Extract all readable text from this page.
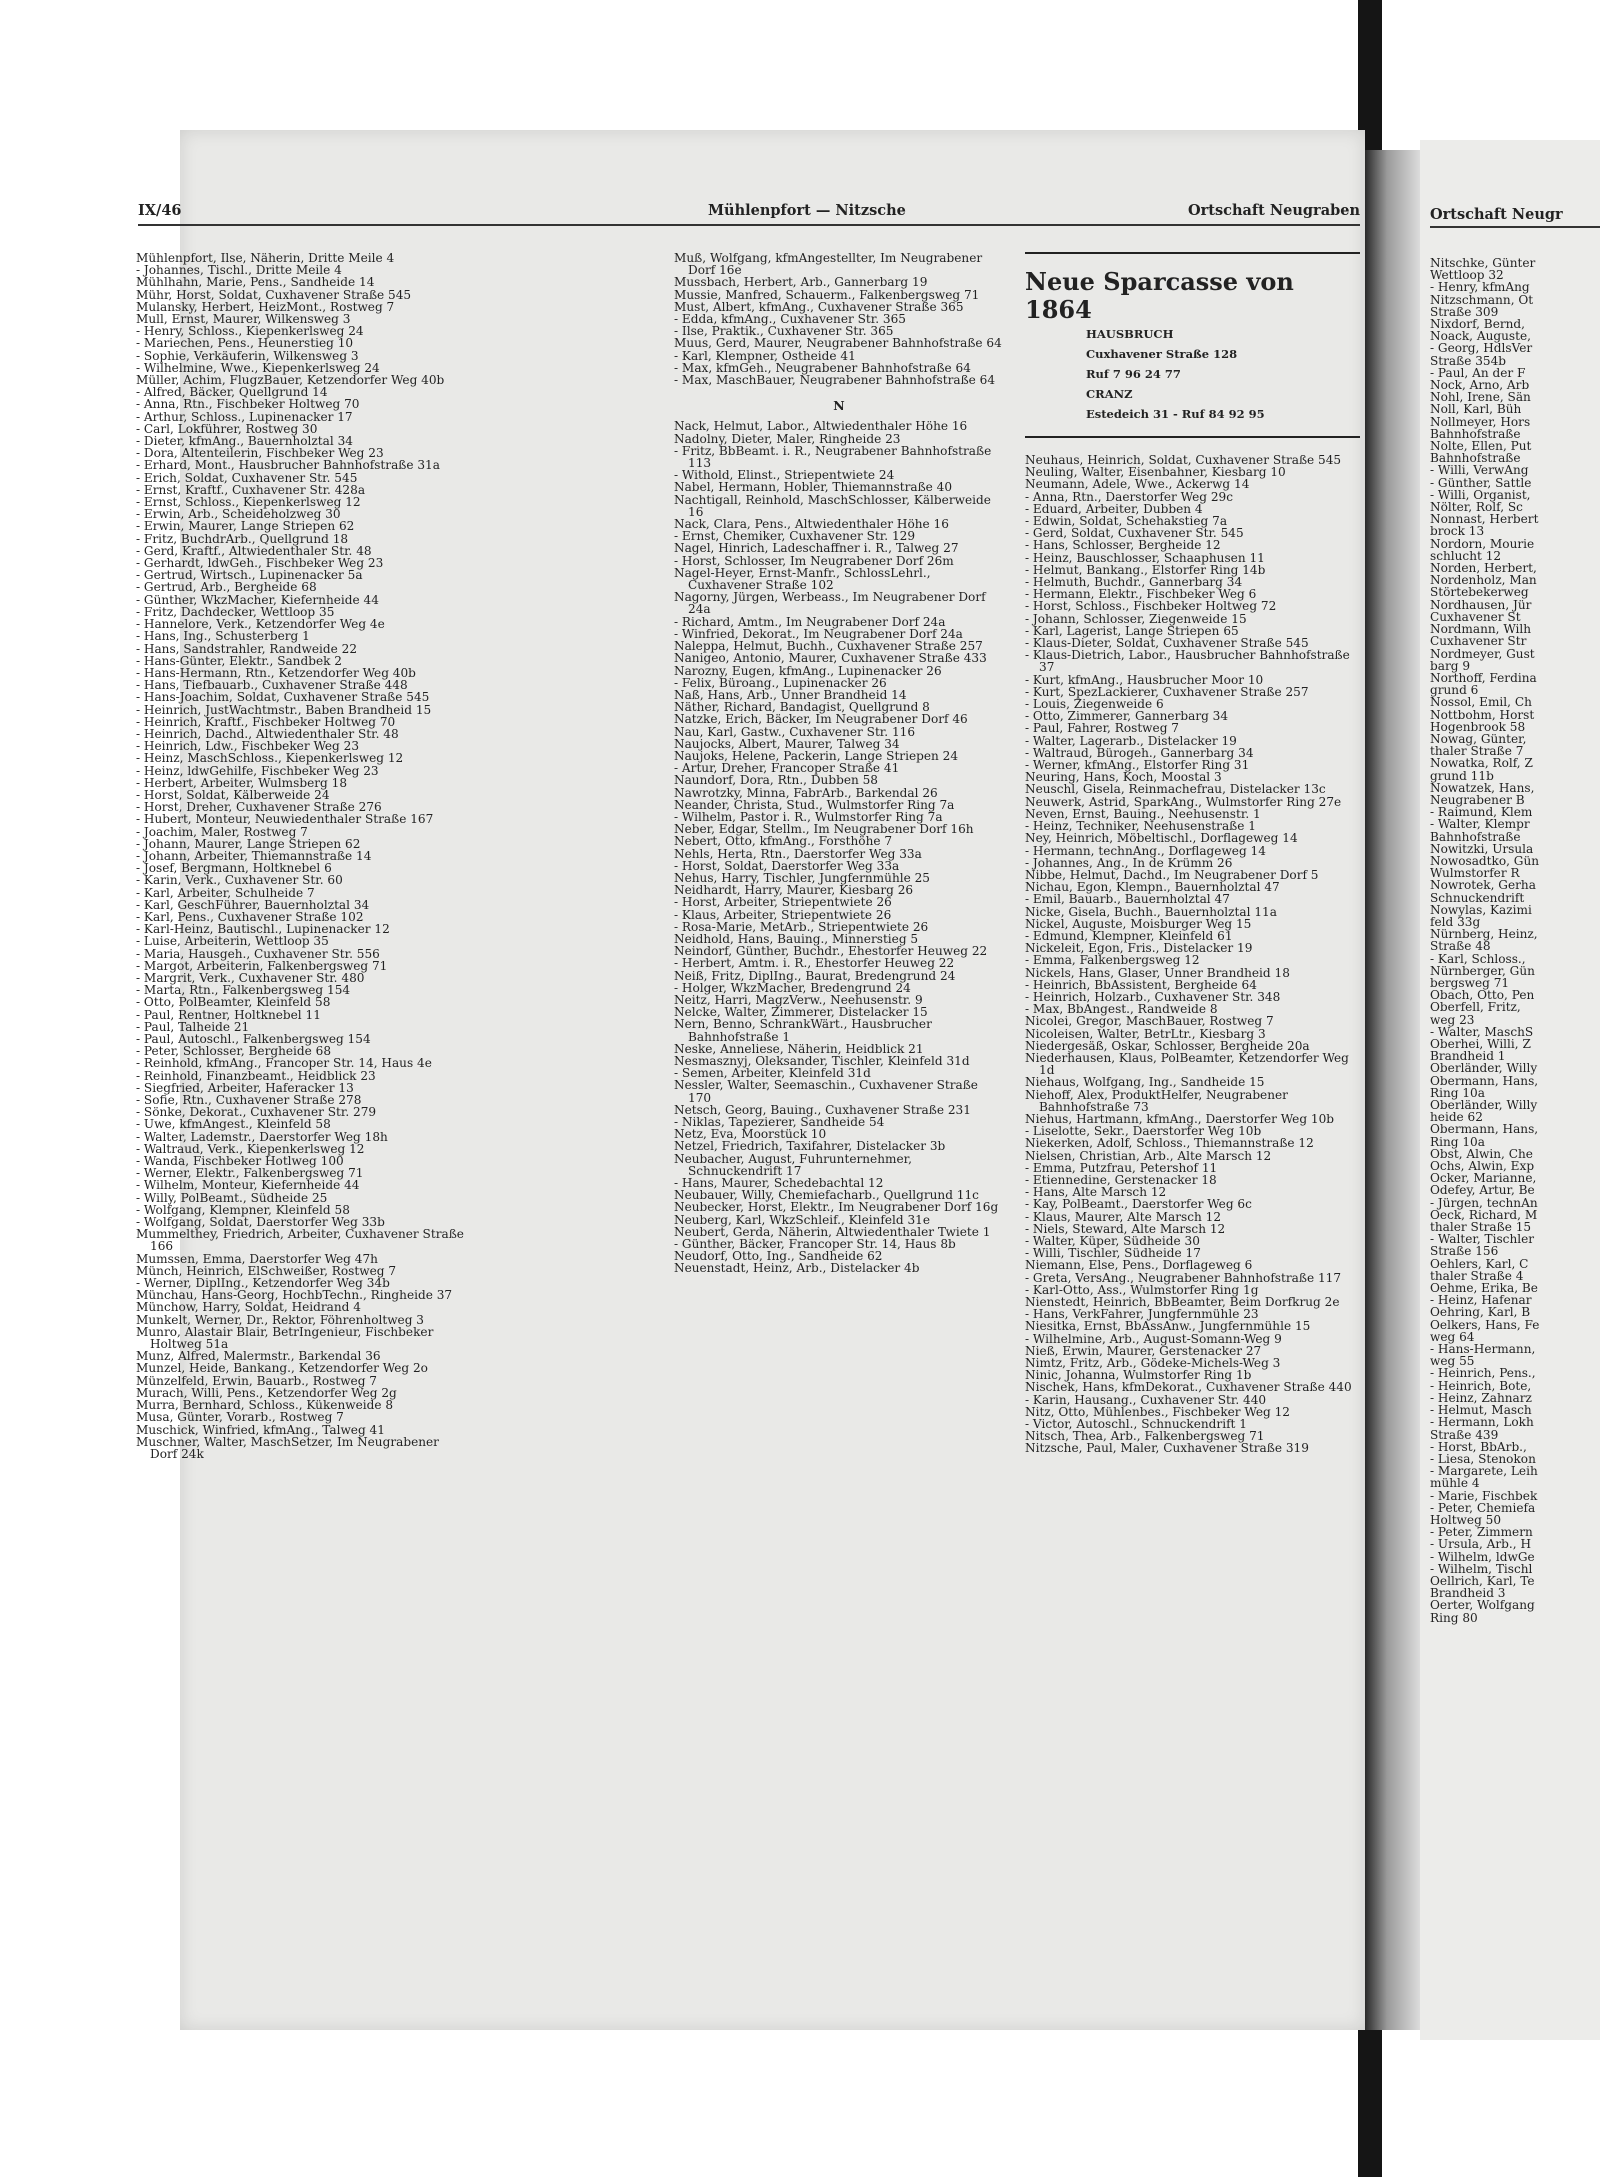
Ortschaft Neugr
Nitschke, Günter
Wettloop 32
- Henry, kfmAng
Nitzschmann, Ot
Straße 309
Nixdorf, Bernd,
Noack, Auguste,
- Georg, HdlsVer
Straße 354b
- Paul, An der F
Nock, Arno, Arb
Nohl, Irene, Sän
Noll, Karl, Büh
Nollmeyer, Hors
Bahnhofstraße
Nolte, Ellen, Put
Bahnhofstraße
- Willi, VerwAng
- Günther, Sattle
- Willi, Organist,
Nölter, Rolf, Sc
Nonnast, Herbert
brock 13
Nordorn, Mourie
schlucht 12
Norden, Herbert,
Nordenholz, Man
Störtebekerweg
Nordhausen, Jür
Cuxhavener St
Nordmann, Wilh
Cuxhavener Str
Nordmeyer, Gust
barg 9
Northoff, Ferdina
grund 6
Nossol, Emil, Ch
Nottbohm, Horst
Hogenbrook 58
Nowag, Günter,
thaler Straße 7
Nowatka, Rolf, Z
grund 11b
Nowatzek, Hans,
Neugrabener B
- Raimund, Klem
- Walter, Klempr
Bahnhofstraße
Nowitzki, Ursula
Nowosadtko, Gün
Wulmstorfer R
Nowrotek, Gerha
Schnuckendrift
Nowylas, Kazimi
feld 33g
Nürnberg, Heinz,
Straße 48
- Karl, Schloss.,
Nürnberger, Gün
bergsweg 71
Obach, Otto, Pen
Oberfell, Fritz,
weg 23
- Walter, MaschS
Oberhei, Willi, Z
Brandheid 1
Oberländer, Willy
Obermann, Hans,
Ring 10a
Oberländer, Willy
heide 62
Obermann, Hans,
Ring 10a
Obst, Alwin, Che
Ochs, Alwin, Exp
Ocker, Marianne,
Odefey, Artur, Be
- Jürgen, technAn
Oeck, Richard, M
thaler Straße 15
- Walter, Tischler
Straße 156
Oehlers, Karl, C
thaler Straße 4
Oehme, Erika, Be
- Heinz, Hafenar
Oehring, Karl, B
Oelkers, Hans, Fe
weg 64
- Hans-Hermann,
weg 55
- Heinrich, Pens.,
- Heinrich, Bote,
- Heinz, Zahnarz
- Helmut, Masch
- Hermann, Lokh
Straße 439
- Horst, BbArb.,
- Liesa, Stenokon
- Margarete, Leih
mühle 4
- Marie, Fischbek
- Peter, Chemiefa
Holtweg 50
- Peter, Zimmern
- Ursula, Arb., H
- Wilhelm, ldwGe
- Wilhelm, Tischl
Oellrich, Karl, Te
Brandheid 3
Oerter, Wolfgang
Ring 80
IX/46	Mühlenpfort — Nitzsche	Ortschaft Neugraben
Mühlenpfort, Ilse, Näherin, Dritte Meile 4
- Johannes, Tischl., Dritte Meile 4
Mühlhahn, Marie, Pens., Sandheide 14
Mühr, Horst, Soldat, Cuxhavener Straße 545
Mulansky, Herbert, HeizMont., Rostweg 7
Mull, Ernst, Maurer, Wilkensweg 3
- Henry, Schloss., Kiepenkerlsweg 24
- Mariechen, Pens., Heunerstieg 10
- Sophie, Verkäuferin, Wilkensweg 3
- Wilhelmine, Wwe., Kiepenkerlsweg 24
Müller, Achim, FlugzBauer, Ketzendorfer Weg 40b
- Alfred, Bäcker, Quellgrund 14
- Anna, Rtn., Fischbeker Holtweg 70
- Arthur, Schloss., Lupinenacker 17
- Carl, Lokführer, Rostweg 30
- Dieter, kfmAng., Bauernholztal 34
- Dora, Altenteilerin, Fischbeker Weg 23
- Erhard, Mont., Hausbrucher Bahnhofstraße 31a
- Erich, Soldat, Cuxhavener Str. 545
- Ernst, Kraftf., Cuxhavener Str. 428a
- Ernst, Schloss., Kiepenkerlsweg 12
- Erwin, Arb., Scheideholzweg 30
- Erwin, Maurer, Lange Striepen 62
- Fritz, BuchdrArb., Quellgrund 18
- Gerd, Kraftf., Altwiedenthaler Str. 48
- Gerhardt, ldwGeh., Fischbeker Weg 23
- Gertrud, Wirtsch., Lupinenacker 5a
- Gertrud, Arb., Bergheide 68
- Günther, WkzMacher, Kiefernheide 44
- Fritz, Dachdecker, Wettloop 35
- Hannelore, Verk., Ketzendorfer Weg 4e
- Hans, Ing., Schusterberg 1
- Hans, Sandstrahler, Randweide 22
- Hans-Günter, Elektr., Sandbek 2
- Hans-Hermann, Rtn., Ketzendorfer Weg 40b
- Hans, Tiefbauarb., Cuxhavener Straße 448
- Hans-Joachim, Soldat, Cuxhavener Straße 545
- Heinrich, JustWachtmstr., Baben Brandheid 15
- Heinrich, Kraftf., Fischbeker Holtweg 70
- Heinrich, Dachd., Altwiedenthaler Str. 48
- Heinrich, Ldw., Fischbeker Weg 23
- Heinz, MaschSchloss., Kiepenkerlsweg 12
- Heinz, ldwGehilfe, Fischbeker Weg 23
- Herbert, Arbeiter, Wulmsberg 18
- Horst, Soldat, Kälberweide 24
- Horst, Dreher, Cuxhavener Straße 276
- Hubert, Monteur, Neuwiedenthaler Straße 167
- Joachim, Maler, Rostweg 7
- Johann, Maurer, Lange Striepen 62
- Johann, Arbeiter, Thiemannstraße 14
- Josef, Bergmann, Holtknebel 6
- Karin, Verk., Cuxhavener Str. 60
- Karl, Arbeiter, Schulheide 7
- Karl, GeschFührer, Bauernholztal 34
- Karl, Pens., Cuxhavener Straße 102
- Karl-Heinz, Bautischl., Lupinenacker 12
- Luise, Arbeiterin, Wettloop 35
- Maria, Hausgeh., Cuxhavener Str. 556
- Margot, Arbeiterin, Falkenbergsweg 71
- Margrit, Verk., Cuxhavener Str. 480
- Marta, Rtn., Falkenbergsweg 154
- Otto, PolBeamter, Kleinfeld 58
- Paul, Rentner, Holtknebel 11
- Paul, Talheide 21
- Paul, Autoschl., Falkenbergsweg 154
- Peter, Schlosser, Bergheide 68
- Reinhold, kfmAng., Francoper Str. 14, Haus 4e
- Reinhold, Finanzbeamt., Heidblick 23
- Siegfried, Arbeiter, Haferacker 13
- Sofie, Rtn., Cuxhavener Straße 278
- Sönke, Dekorat., Cuxhavener Str. 279
- Uwe, kfmAngest., Kleinfeld 58
- Walter, Lademstr., Daerstorfer Weg 18h
- Waltraud, Verk., Kiepenkerlsweg 12
- Wanda, Fischbeker Hotlweg 100
- Werner, Elektr., Falkenbergsweg 71
- Wilhelm, Monteur, Kiefernheide 44
- Willy, PolBeamt., Südheide 25
- Wolfgang, Klempner, Kleinfeld 58
- Wolfgang, Soldat, Daerstorfer Weg 33b
Mummelthey, Friedrich, Arbeiter, Cuxhavener Straße 166
Mumssen, Emma, Daerstorfer Weg 47h
Münch, Heinrich, ElSchweißer, Rostweg 7
- Werner, DiplIng., Ketzendorfer Weg 34b
Münchau, Hans-Georg, HochbTechn., Ringheide 37
Münchow, Harry, Soldat, Heidrand 4
Munkelt, Werner, Dr., Rektor, Föhrenholtweg 3
Munro, Alastair Blair, BetrIngenieur, Fischbeker Holtweg 51a
Munz, Alfred, Malermstr., Barkendal 36
Munzel, Heide, Bankang., Ketzendorfer Weg 2o
Münzelfeld, Erwin, Bauarb., Rostweg 7
Murach, Willi, Pens., Ketzendorfer Weg 2g
Murra, Bernhard, Schloss., Kükenweide 8
Musa, Günter, Vorarb., Rostweg 7
Muschick, Winfried, kfmAng., Talweg 41
Muschner, Walter, MaschSetzer, Im Neugrabener Dorf 24k
Muß, Wolfgang, kfmAngestellter, Im Neugrabener Dorf 16e
Mussbach, Herbert, Arb., Gannerbarg 19
Mussie, Manfred, Schauerm., Falkenbergsweg 71
Must, Albert, kfmAng., Cuxhavener Straße 365
- Edda, kfmAng., Cuxhavener Str. 365
- Ilse, Praktik., Cuxhavener Str. 365
Muus, Gerd, Maurer, Neugrabener Bahnhofstraße 64
- Karl, Klempner, Ostheide 41
- Max, kfmGeh., Neugrabener Bahnhofstraße 64
- Max, MaschBauer, Neugrabener Bahnhofstraße 64
N
Nack, Helmut, Labor., Altwiedenthaler Höhe 16
Nadolny, Dieter, Maler, Ringheide 23
- Fritz, BbBeamt. i. R., Neugrabener Bahnhofstraße 113
- Withold, Elinst., Striepentwiete 24
Nabel, Hermann, Hobler, Thiemannstraße 40
Nachtigall, Reinhold, MaschSchlosser, Kälberweide 16
Nack, Clara, Pens., Altwiedenthaler Höhe 16
- Ernst, Chemiker, Cuxhavener Str. 129
Nagel, Hinrich, Ladeschaffner i. R., Talweg 27
- Horst, Schlosser, Im Neugrabener Dorf 26m
Nagel-Heyer, Ernst-Manfr., SchlossLehrl., Cuxhavener Straße 102
Nagorny, Jürgen, Werbeass., Im Neugrabener Dorf 24a
- Richard, Amtm., Im Neugrabener Dorf 24a
- Winfried, Dekorat., Im Neugrabener Dorf 24a
Naleppa, Helmut, Buchh., Cuxhavener Straße 257
Nanigeo, Antonio, Maurer, Cuxhavener Straße 433
Narozny, Eugen, kfmAng., Lupinenacker 26
- Felix, Büroang., Lupinenacker 26
Naß, Hans, Arb., Unner Brandheid 14
Näther, Richard, Bandagist, Quellgrund 8
Natzke, Erich, Bäcker, Im Neugrabener Dorf 46
Nau, Karl, Gastw., Cuxhavener Str. 116
Naujocks, Albert, Maurer, Talweg 34
Naujoks, Helene, Packerin, Lange Striepen 24
- Artur, Dreher, Francoper Straße 41
Naundorf, Dora, Rtn., Dubben 58
Nawrotzky, Minna, FabrArb., Barkendal 26
Neander, Christa, Stud., Wulmstorfer Ring 7a
- Wilhelm, Pastor i. R., Wulmstorfer Ring 7a
Neber, Edgar, Stellm., Im Neugrabener Dorf 16h
Nebert, Otto, kfmAng., Forsthöhe 7
Nehls, Herta, Rtn., Daerstorfer Weg 33a
- Horst, Soldat, Daerstorfer Weg 33a
Nehus, Harry, Tischler, Jungfernmühle 25
Neidhardt, Harry, Maurer, Kiesbarg 26
- Horst, Arbeiter, Striepentwiete 26
- Klaus, Arbeiter, Striepentwiete 26
- Rosa-Marie, MetArb., Striepentwiete 26
Neidhold, Hans, Bauing., Minnerstieg 5
Neindorf, Günther, Buchdr., Ehestorfer Heuweg 22
- Herbert, Amtm. i. R., Ehestorfer Heuweg 22
Neiß, Fritz, DiplIng., Baurat, Bredengrund 24
- Holger, WkzMacher, Bredengrund 24
Neitz, Harri, MagzVerw., Neehusenstr. 9
Nelcke, Walter, Zimmerer, Distelacker 15
Nern, Benno, SchrankWärt., Hausbrucher Bahnhofstraße 1
Neske, Anneliese, Näherin, Heidblick 21
Nesmasznyj, Oleksander, Tischler, Kleinfeld 31d
- Semen, Arbeiter, Kleinfeld 31d
Nessler, Walter, Seemaschin., Cuxhavener Straße 170
Netsch, Georg, Bauing., Cuxhavener Straße 231
- Niklas, Tapezierer, Sandheide 54
Netz, Eva, Moorstück 10
Netzel, Friedrich, Taxifahrer, Distelacker 3b
Neubacher, August, Fuhrunternehmer, Schnuckendrift 17
- Hans, Maurer, Schedebachtal 12
Neubauer, Willy, Chemiefacharb., Quellgrund 11c
Neubecker, Horst, Elektr., Im Neugrabener Dorf 16g
Neuberg, Karl, WkzSchleif., Kleinfeld 31e
Neubert, Gerda, Näherin, Altwiedenthaler Twiete 1
- Günther, Bäcker, Francoper Str. 14, Haus 8b
Neudorf, Otto, Ing., Sandheide 62
Neuenstadt, Heinz, Arb., Distelacker 4b
Neue Sparcasse von 1864
HAUSBRUCH
Cuxhavener Straße 128
Ruf 7 96 24 77
CRANZ
Estedeich 31 - Ruf 84 92 95
Neuhaus, Heinrich, Soldat, Cuxhavener Straße 545
Neuling, Walter, Eisenbahner, Kiesbarg 10
Neumann, Adele, Wwe., Ackerwg 14
- Anna, Rtn., Daerstorfer Weg 29c
- Eduard, Arbeiter, Dubben 4
- Edwin, Soldat, Schehakstieg 7a
- Gerd, Soldat, Cuxhavener Str. 545
- Hans, Schlosser, Bergheide 12
- Heinz, Bauschlosser, Schaaphusen 11
- Helmut, Bankang., Elstorfer Ring 14b
- Helmuth, Buchdr., Gannerbarg 34
- Hermann, Elektr., Fischbeker Weg 6
- Horst, Schloss., Fischbeker Holtweg 72
- Johann, Schlosser, Ziegenweide 15
- Karl, Lagerist, Lange Striepen 65
- Klaus-Dieter, Soldat, Cuxhavener Straße 545
- Klaus-Dietrich, Labor., Hausbrucher Bahnhofstraße 37
- Kurt, kfmAng., Hausbrucher Moor 10
- Kurt, SpezLackierer, Cuxhavener Straße 257
- Louis, Ziegenweide 6
- Otto, Zimmerer, Gannerbarg 34
- Paul, Fahrer, Rostweg 7
- Walter, Lagerarb., Distelacker 19
- Waltraud, Bürogeh., Gannerbarg 34
- Werner, kfmAng., Elstorfer Ring 31
Neuring, Hans, Koch, Moostal 3
Neuschl, Gisela, Reinmachefrau, Distelacker 13c
Neuwerk, Astrid, SparkAng., Wulmstorfer Ring 27e
Neven, Ernst, Bauing., Neehusenstr. 1
- Heinz, Techniker, Neehusenstraße 1
Ney, Heinrich, Möbeltischl., Dorflageweg 14
- Hermann, technAng., Dorflageweg 14
- Johannes, Ang., In de Krümm 26
Nibbe, Helmut, Dachd., Im Neugrabener Dorf 5
Nichau, Egon, Klempn., Bauernholztal 47
- Emil, Bauarb., Bauernholztal 47
Nicke, Gisela, Buchh., Bauernholztal 11a
Nickel, Auguste, Moisburger Weg 15
- Edmund, Klempner, Kleinfeld 61
Nickeleit, Egon, Fris., Distelacker 19
- Emma, Falkenbergsweg 12
Nickels, Hans, Glaser, Unner Brandheid 18
- Heinrich, BbAssistent, Bergheide 64
- Heinrich, Holzarb., Cuxhavener Str. 348
- Max, BbAngest., Randweide 8
Nicolei, Gregor, MaschBauer, Rostweg 7
Nicoleisen, Walter, BetrLtr., Kiesbarg 3
Niedergesäß, Oskar, Schlosser, Bergheide 20a
Niederhausen, Klaus, PolBeamter, Ketzendorfer Weg 1d
Niehaus, Wolfgang, Ing., Sandheide 15
Niehoff, Alex, ProduktHelfer, Neugrabener Bahnhofstraße 73
Niehus, Hartmann, kfmAng., Daerstorfer Weg 10b
- Liselotte, Sekr., Daerstorfer Weg 10b
Niekerken, Adolf, Schloss., Thiemannstraße 12
Nielsen, Christian, Arb., Alte Marsch 12
- Emma, Putzfrau, Petershof 11
- Etiennedine, Gerstenacker 18
- Hans, Alte Marsch 12
- Kay, PolBeamt., Daerstorfer Weg 6c
- Klaus, Maurer, Alte Marsch 12
- Niels, Steward, Alte Marsch 12
- Walter, Küper, Südheide 30
- Willi, Tischler, Südheide 17
Niemann, Else, Pens., Dorflageweg 6
- Greta, VersAng., Neugrabener Bahnhofstraße 117
- Karl-Otto, Ass., Wulmstorfer Ring 1g
Nienstedt, Heinrich, BbBeamter, Beim Dorfkrug 2e
- Hans, VerkFahrer, Jungfernmühle 23
Niesitka, Ernst, BbAssAnw., Jungfernmühle 15
- Wilhelmine, Arb., August-Somann-Weg 9
Nieß, Erwin, Maurer, Gerstenacker 27
Nimtz, Fritz, Arb., Gödeke-Michels-Weg 3
Ninic, Johanna, Wulmstorfer Ring 1b
Nischek, Hans, kfmDekorat., Cuxhavener Straße 440
- Karin, Hausang., Cuxhavener Str. 440
Nitz, Otto, Mühlenbes., Fischbeker Weg 12
- Victor, Autoschl., Schnuckendrift 1
Nitsch, Thea, Arb., Falkenbergsweg 71
Nitzsche, Paul, Maler, Cuxhavener Straße 319
